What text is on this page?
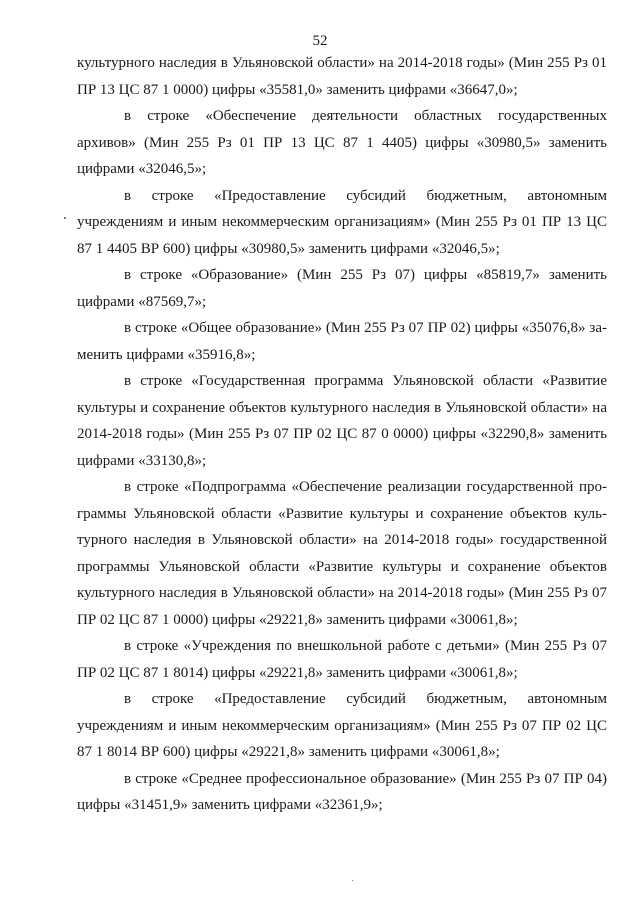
52

культурного наследия в Ульяновской области» на 2014-2018 годы» (Мин 255 Рз 01 ПР 13 ЦС 87 1 0000) цифры «35581,0» заменить цифрами «36647,0»;

в строке «Обеспечение деятельности областных государственных архивов» (Мин 255 Рз 01 ПР 13 ЦС 87 1 4405) цифры «30980,5» заменить цифрами «32046,5»;

в строке «Предоставление субсидий бюджетным, автономным учреждениям и иным некоммерческим организациям» (Мин 255 Рз 01 ПР 13 ЦС 87 1 4405 ВР 600) цифры «30980,5» заменить цифрами «32046,5»;

в строке «Образование» (Мин 255 Рз 07) цифры «85819,7» заменить цифрами «87569,7»;

в строке «Общее образование» (Мин 255 Рз 07 ПР 02) цифры «35076,8» заменить цифрами «35916,8»;

в строке «Государственная программа Ульяновской области «Развитие культуры и сохранение объектов культурного наследия в Ульяновской области» на 2014-2018 годы» (Мин 255 Рз 07 ПР 02 ЦС 87 0 0000) цифры «32290,8» заменить цифрами «33130,8»;

в строке «Подпрограмма «Обеспечение реализации государственной программы Ульяновской области «Развитие культуры и сохранение объектов культурного наследия в Ульяновской области» на 2014-2018 годы» государственной программы Ульяновской области «Развитие культуры и сохранение объектов культурного наследия в Ульяновской области» на 2014-2018 годы» (Мин 255 Рз 07 ПР 02 ЦС 87 1 0000) цифры «29221,8» заменить цифрами «30061,8»;

в строке «Учреждения по внешкольной работе с детьми» (Мин 255 Рз 07 ПР 02 ЦС 87 1 8014) цифры «29221,8» заменить цифрами «30061,8»;

в строке «Предоставление субсидий бюджетным, автономным учреждениям и иным некоммерческим организациям» (Мин 255 Рз 07 ПР 02 ЦС 87 1 8014 ВР 600) цифры «29221,8» заменить цифрами «30061,8»;

в строке «Среднее профессиональное образование» (Мин 255 Рз 07 ПР 04) цифры «31451,9» заменить цифрами «32361,9»;
